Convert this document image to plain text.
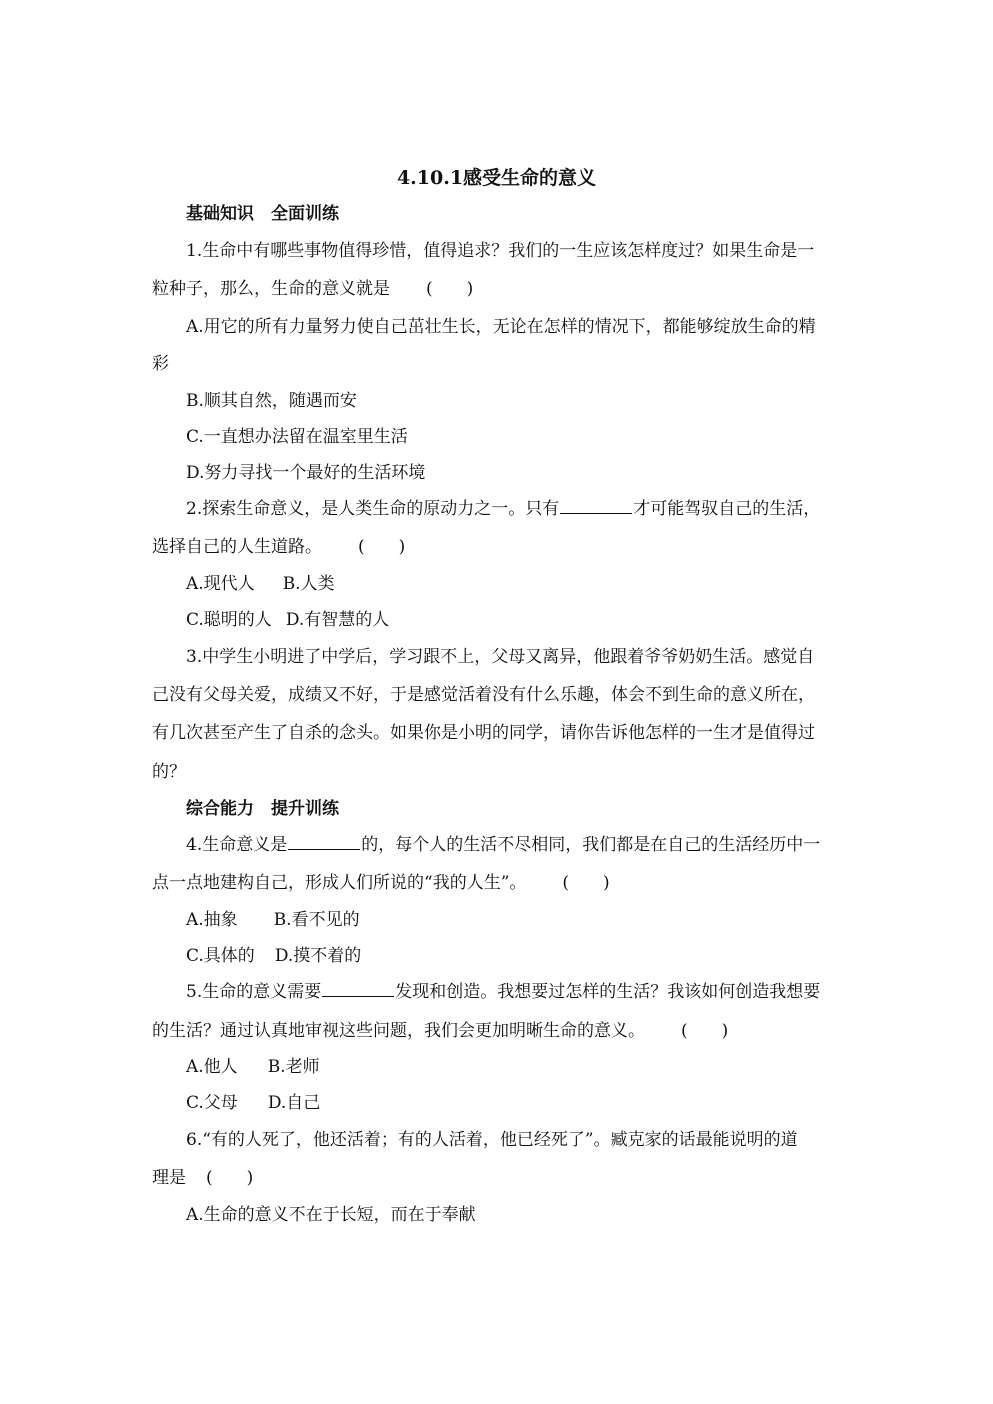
4.10.1感受生命的意义
基础知识　全面训练
1.生命中有哪些事物值得珍惜，值得追求？我们的一生应该怎样度过？如果生命是一
粒种子，那么，生命的意义就是 (　　)
A.用它的所有力量努力使自己茁壮生长，无论在怎样的情况下，都能够绽放生命的精
彩
B.顺其自然，随遇而安
C.一直想办法留在温室里生活
D.努力寻找一个最好的生活环境
2.探索生命意义，是人类生命的原动力之一。只有	才可能驾驭自己的生活，
选择自己的人生道路。 (　　)
A.现代人 B.人类
C.聪明的人 D.有智慧的人
3.中学生小明进了中学后，学习跟不上，父母又离异，他跟着爷爷奶奶生活。感觉自
己没有父母关爱，成绩又不好，于是感觉活着没有什么乐趣，体会不到生命的意义所在，
有几次甚至产生了自杀的念头。如果你是小明的同学，请你告诉他怎样的一生才是值得过
的？
综合能力　提升训练
4.生命意义是	的，每个人的生活不尽相同，我们都是在自己的生活经历中一
点一点地建构自己，形成人们所说的“我的人生”。 (　　)
A.抽象 B.看不见的
C.具体的 D.摸不着的
5.生命的意义需要	发现和创造。我想要过怎样的生活？我该如何创造我想要
的生活？通过认真地审视这些问题，我们会更加明晰生命的意义。 (　　)
A.他人 B.老师
C.父母 D.自己
6.“有的人死了，他还活着；有的人活着，他已经死了”。臧克家的话最能说明的道
理是 (　　)
A.生命的意义不在于长短，而在于奉献
